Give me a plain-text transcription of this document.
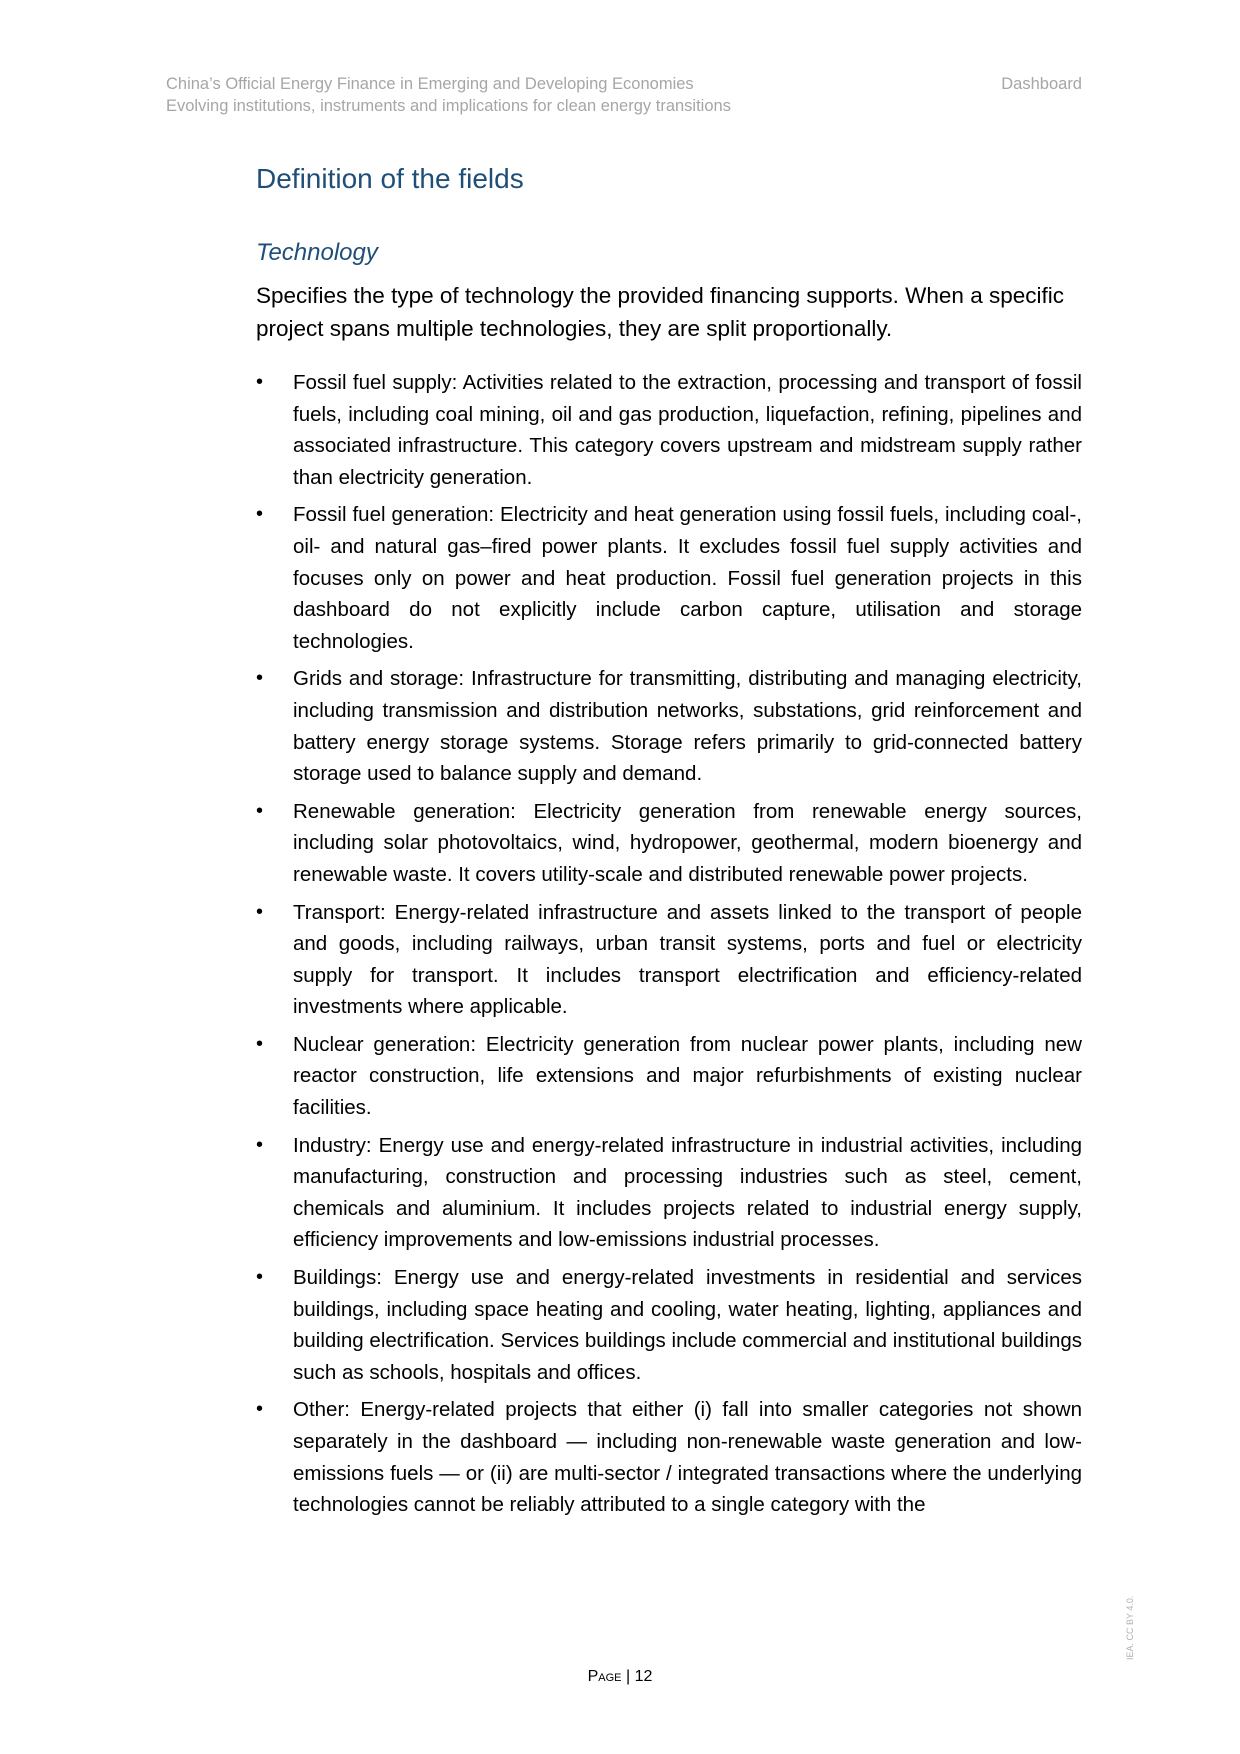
China’s Official Energy Finance in Emerging and Developing Economies
Evolving institutions, instruments and implications for clean energy transitions
Dashboard
Definition of the fields
Technology

Specifies the type of technology the provided financing supports. When a specific project spans multiple technologies, they are split proportionally.

• Fossil fuel supply: Activities related to the extraction, processing and transport of fossil fuels, including coal mining, oil and gas production, liquefaction, refining, pipelines and associated infrastructure. This category covers upstream and midstream supply rather than electricity generation.
• Fossil fuel generation: Electricity and heat generation using fossil fuels, including coal-, oil- and natural gas–fired power plants. It excludes fossil fuel supply activities and focuses only on power and heat production. Fossil fuel generation projects in this dashboard do not explicitly include carbon capture, utilisation and storage technologies.
• Grids and storage: Infrastructure for transmitting, distributing and managing electricity, including transmission and distribution networks, substations, grid reinforcement and battery energy storage systems. Storage refers primarily to grid-connected battery storage used to balance supply and demand.
• Renewable generation: Electricity generation from renewable energy sources, including solar photovoltaics, wind, hydropower, geothermal, modern bioenergy and renewable waste. It covers utility-scale and distributed renewable power projects.
• Transport: Energy-related infrastructure and assets linked to the transport of people and goods, including railways, urban transit systems, ports and fuel or electricity supply for transport. It includes transport electrification and efficiency-related investments where applicable.
• Nuclear generation: Electricity generation from nuclear power plants, including new reactor construction, life extensions and major refurbishments of existing nuclear facilities.
• Industry: Energy use and energy-related infrastructure in industrial activities, including manufacturing, construction and processing industries such as steel, cement, chemicals and aluminium. It includes projects related to industrial energy supply, efficiency improvements and low-emissions industrial processes.
• Buildings: Energy use and energy-related investments in residential and services buildings, including space heating and cooling, water heating, lighting, appliances and building electrification. Services buildings include commercial and institutional buildings such as schools, hospitals and offices.
• Other: Energy-related projects that either (i) fall into smaller categories not shown separately in the dashboard — including non-renewable waste generation and low-emissions fuels — or (ii) are multi-sector / integrated transactions where the underlying technologies cannot be reliably attributed to a single category with the
Page | 12
IEA. CC BY 4.0.
